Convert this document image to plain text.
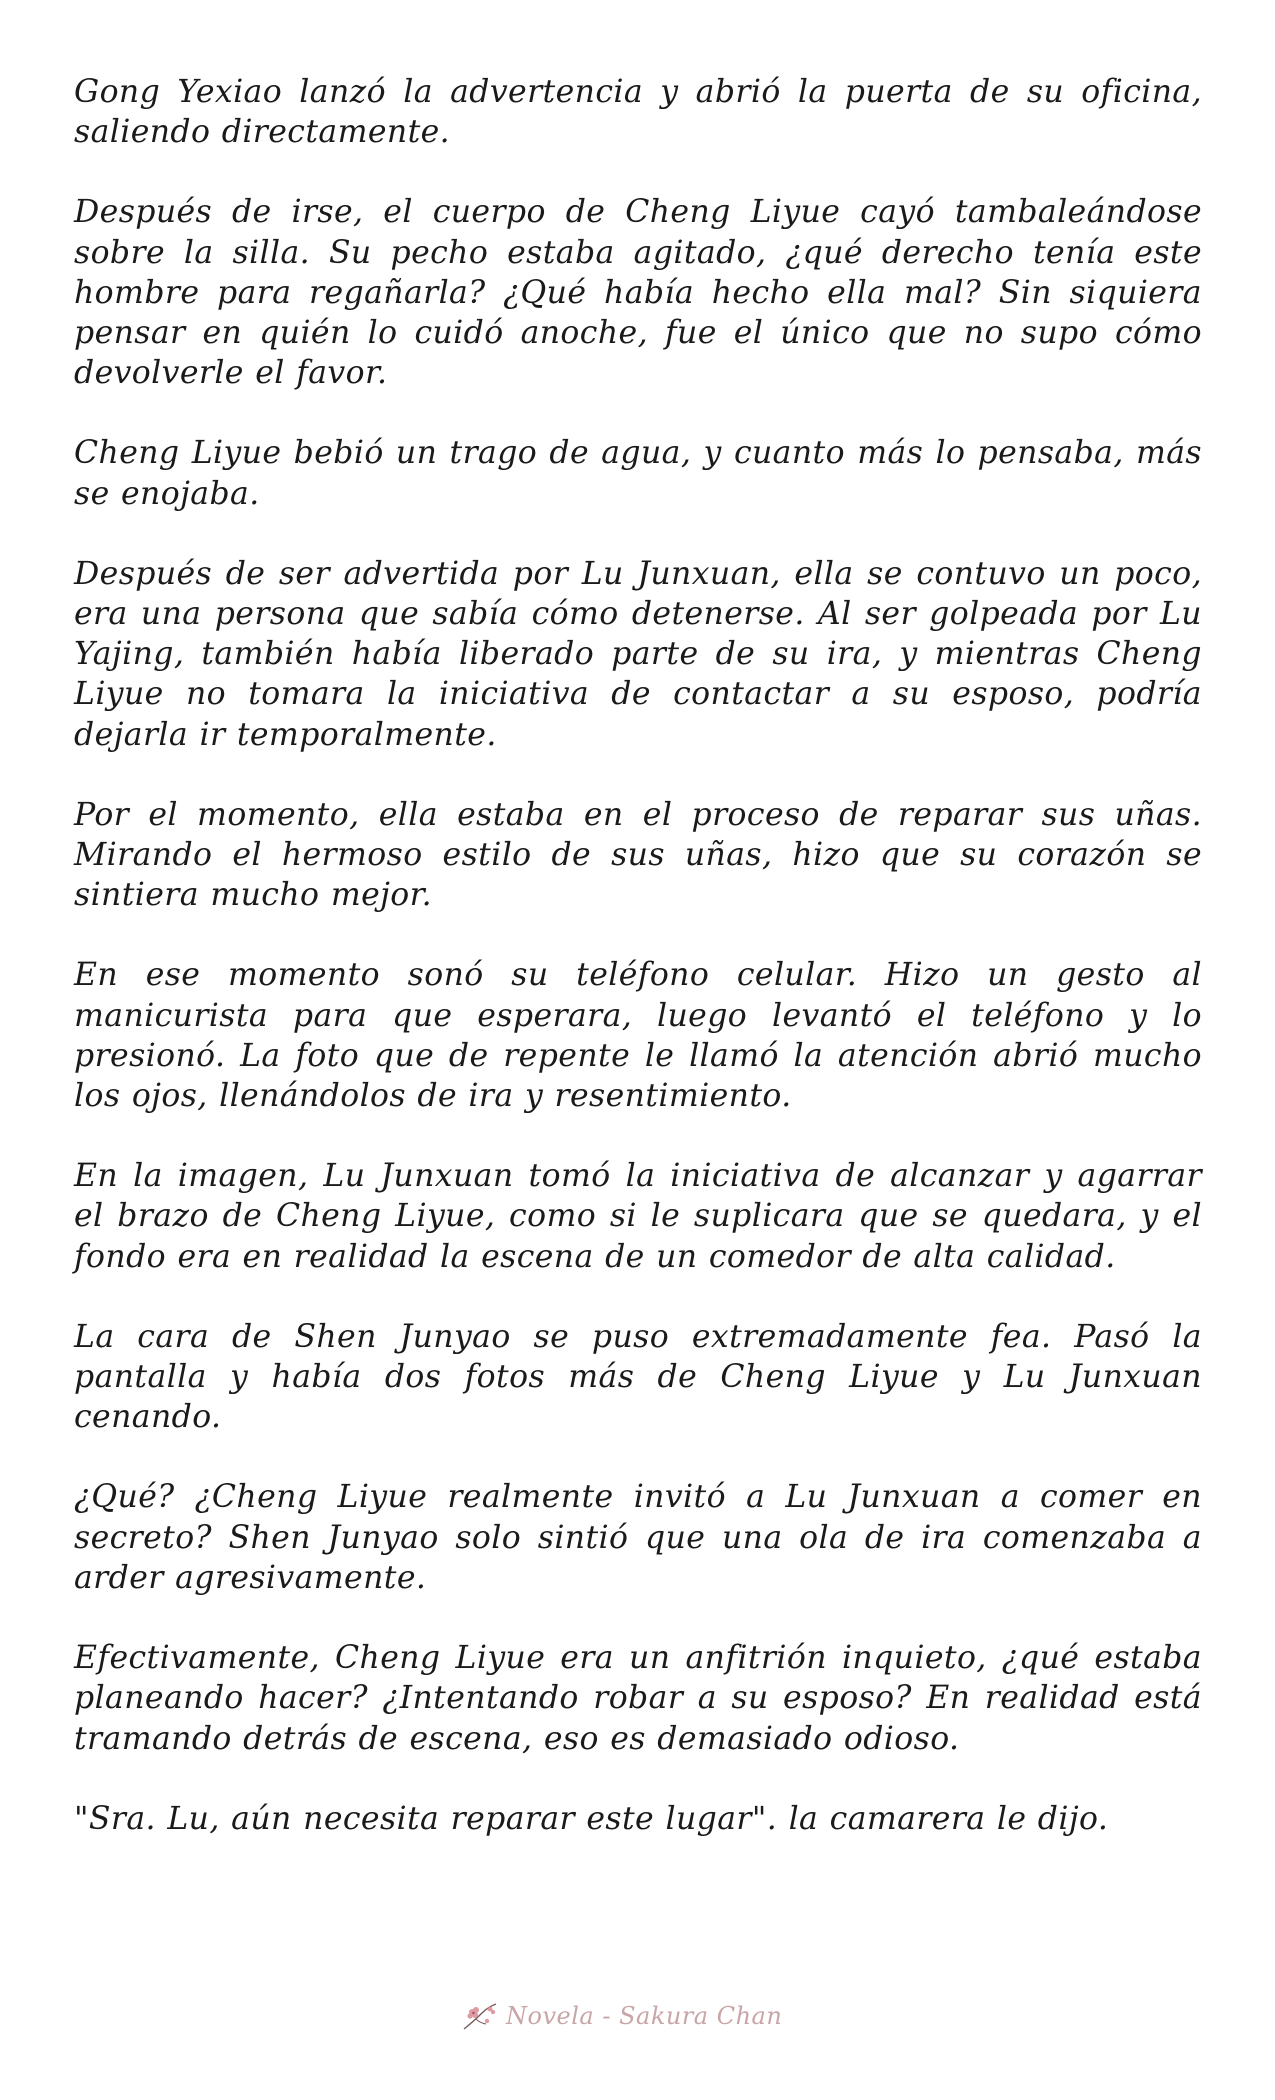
Gong Yexiao lanzó la advertencia y abrió la puerta de su oficina, saliendo directamente.

Después de irse, el cuerpo de Cheng Liyue cayó tambaleándose sobre la silla. Su pecho estaba agitado, ¿qué derecho tenía este hombre para regañarla? ¿Qué había hecho ella mal? Sin siquiera pensar en quién lo cuidó anoche, fue el único que no supo cómo devolverle el favor.

Cheng Liyue bebió un trago de agua, y cuanto más lo pensaba, más se enojaba.

Después de ser advertida por Lu Junxuan, ella se contuvo un poco, era una persona que sabía cómo detenerse. Al ser golpeada por Lu Yajing, también había liberado parte de su ira, y mientras Cheng Liyue no tomara la iniciativa de contactar a su esposo, podría dejarla ir temporalmente.

Por el momento, ella estaba en el proceso de reparar sus uñas. Mirando el hermoso estilo de sus uñas, hizo que su corazón se sintiera mucho mejor.

En ese momento sonó su teléfono celular. Hizo un gesto al manicurista para que esperara, luego levantó el teléfono y lo presionó. La foto que de repente le llamó la atención abrió mucho los ojos, llenándolos de ira y resentimiento.

En la imagen, Lu Junxuan tomó la iniciativa de alcanzar y agarrar el brazo de Cheng Liyue, como si le suplicara que se quedara, y el fondo era en realidad la escena de un comedor de alta calidad.

La cara de Shen Junyao se puso extremadamente fea. Pasó la pantalla y había dos fotos más de Cheng Liyue y Lu Junxuan cenando.

¿Qué? ¿Cheng Liyue realmente invitó a Lu Junxuan a comer en secreto? Shen Junyao solo sintió que una ola de ira comenzaba a arder agresivamente.

Efectivamente, Cheng Liyue era un anfitrión inquieto, ¿qué estaba planeando hacer? ¿Intentando robar a su esposo? En realidad está tramando detrás de escena, eso es demasiado odioso.

"Sra. Lu, aún necesita reparar este lugar". la camarera le dijo.

Novela - Sakura Chan
